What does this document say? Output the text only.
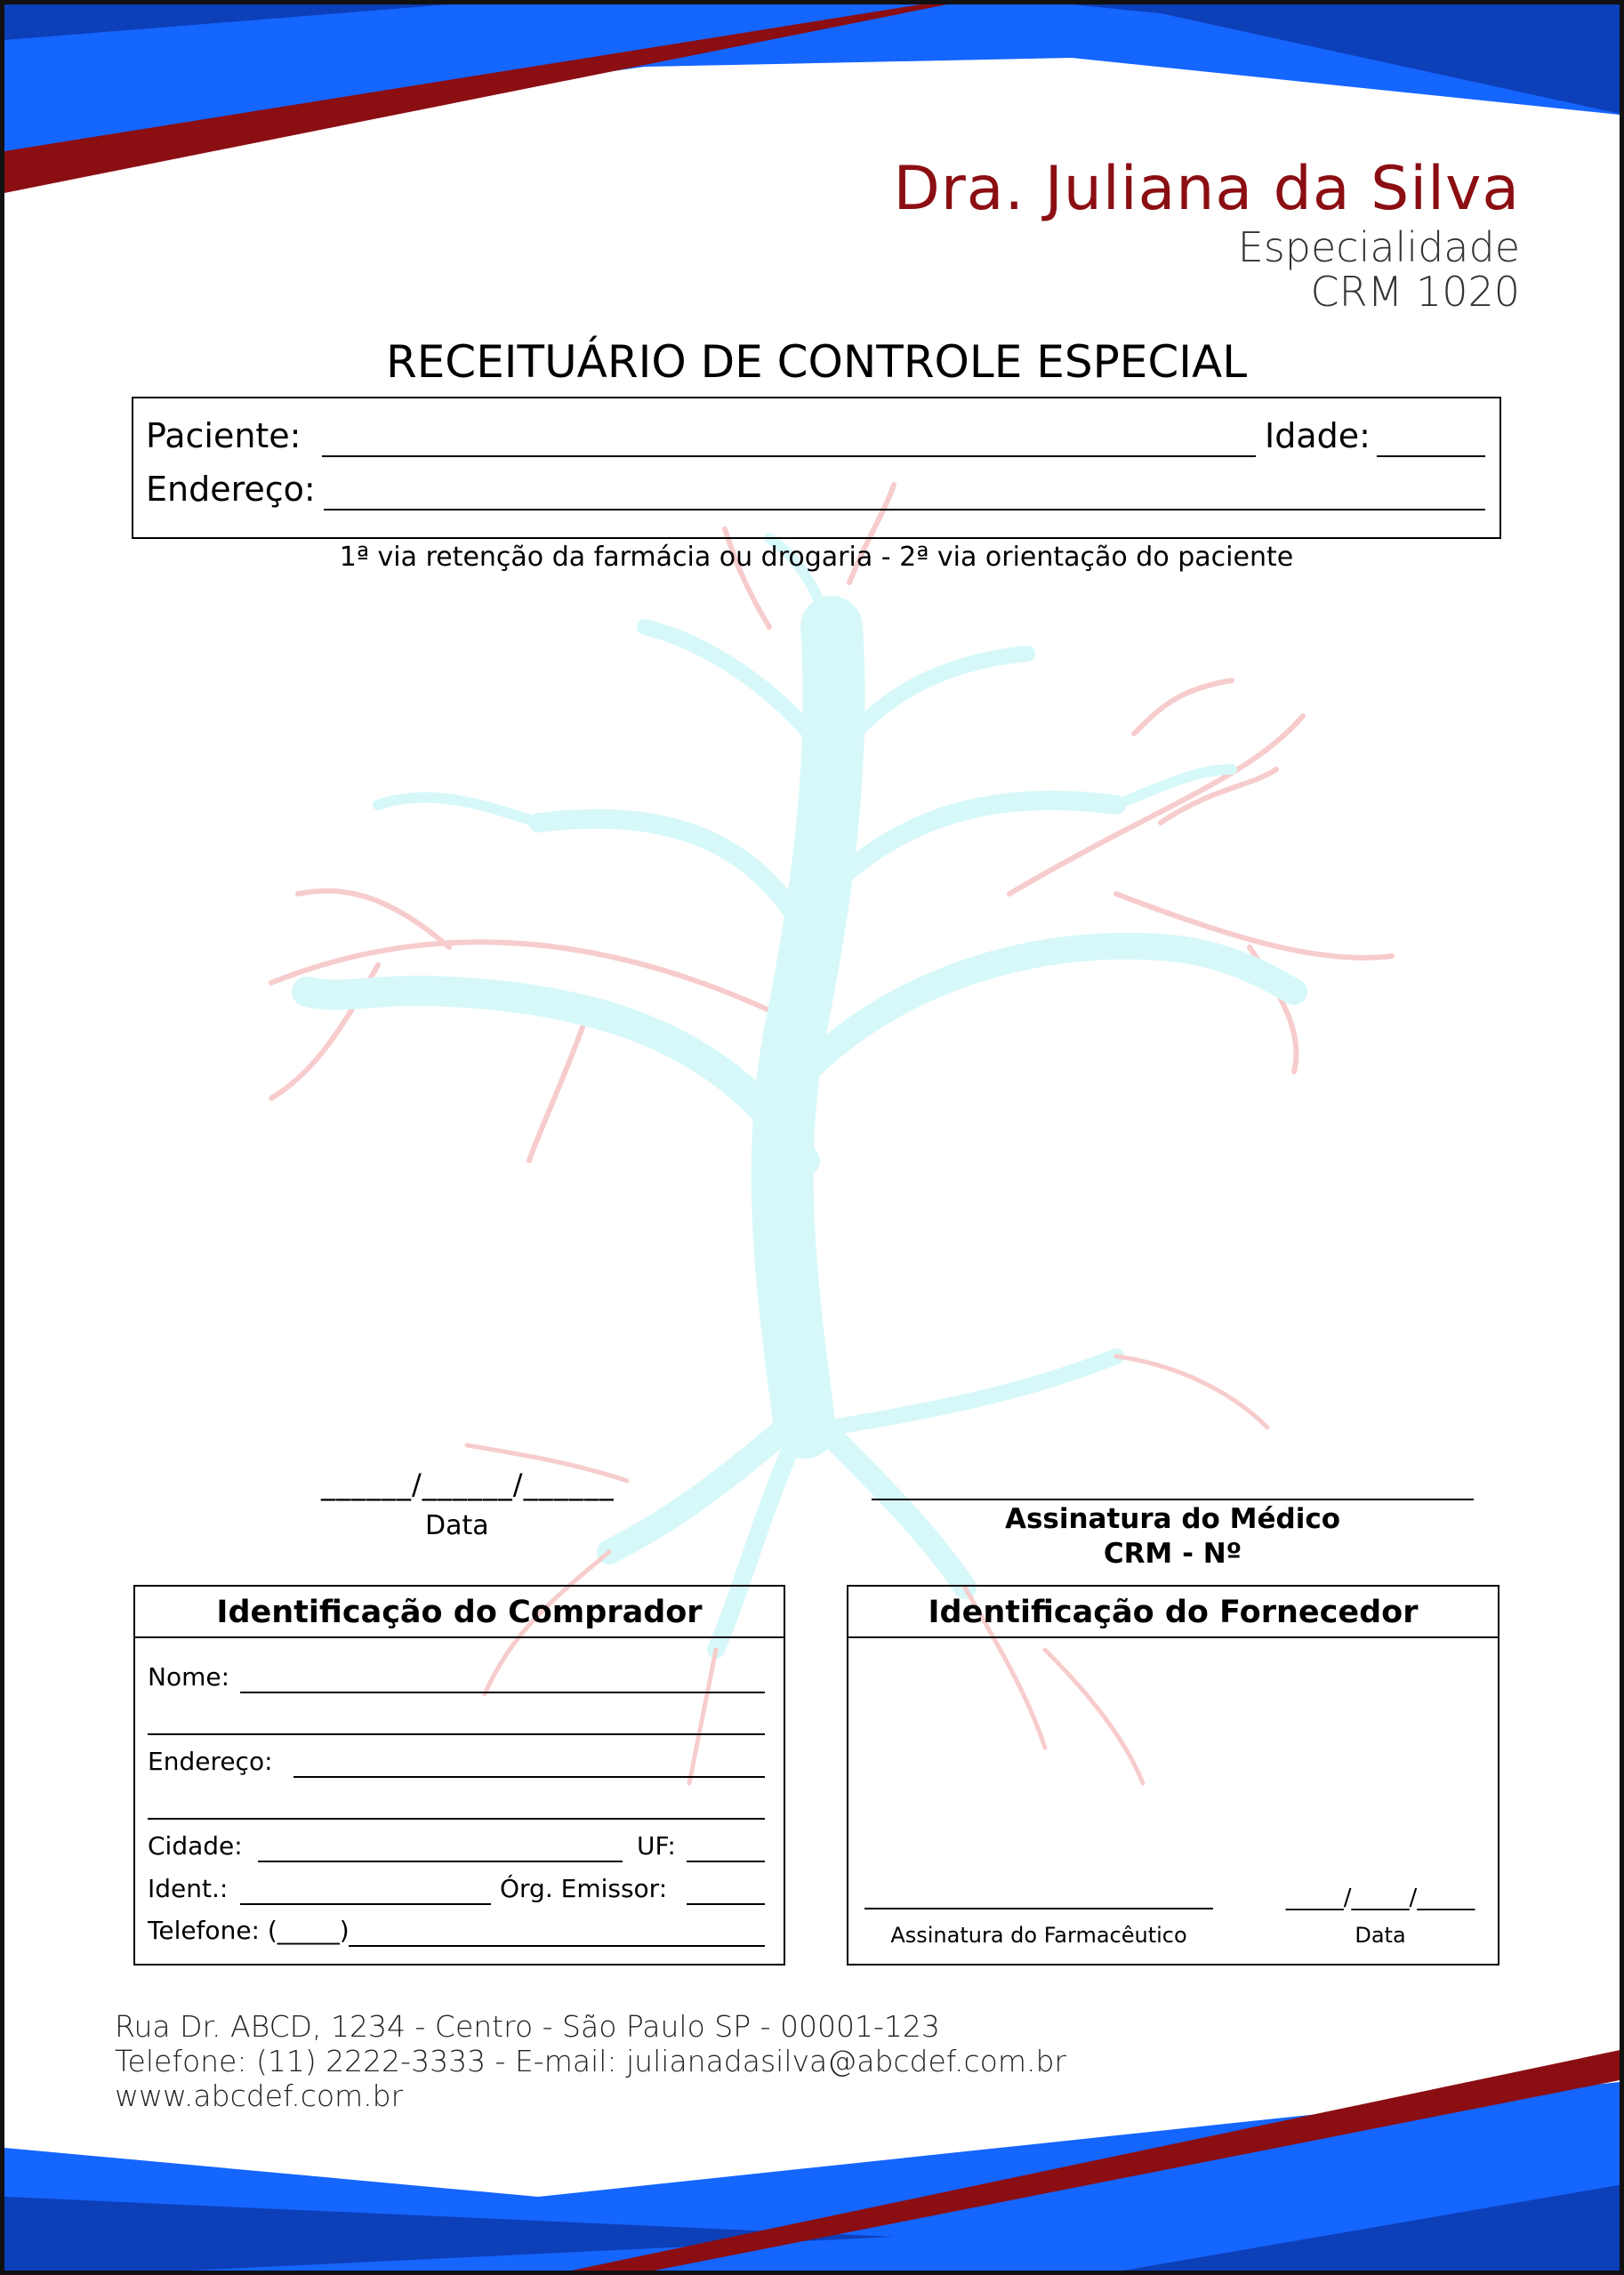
Dra. Juliana da Silva
Especialidade
CRM 1020
RECEITUÁRIO DE CONTROLE ESPECIAL
Paciente:	Idade:
Endereço:
1ª via retenção da farmácia ou drogaria - 2ª via orientação do paciente
______/______/______
Data	Assinatura do Médico
CRM - Nº
Identificação do Comprador
Nome:
Endereço:
Cidade:	UF:
Ident.:	Órg. Emissor:
Telefone: (_____)
Identificação do Fornecedor
Assinatura do Farmacêutico
_____/_____/_____
Data
Rua Dr. ABCD, 1234 - Centro - São Paulo SP - 00001-123
Telefone: (11) 2222-3333 - E-mail: julianadasilva@abcdef.com.br
www.abcdef.com.br
